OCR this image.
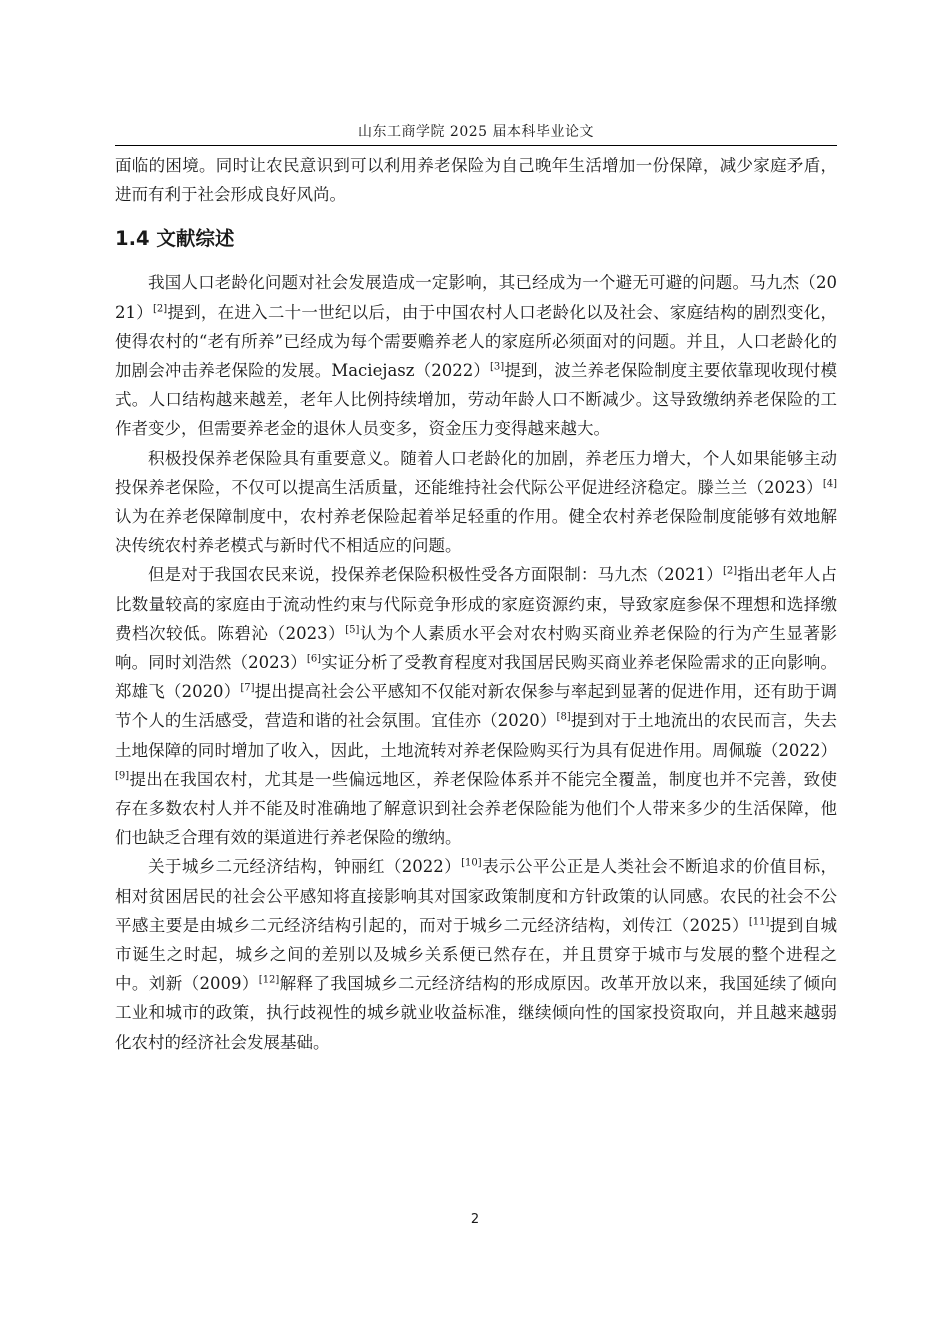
山东工商学院 2025 届本科毕业论文

面临的困境。同时让农民意识到可以利用养老保险为自己晚年生活增加一份保障，减少家庭矛盾，进而有利于社会形成良好风尚。

1.4 文献综述

我国人口老龄化问题对社会发展造成一定影响，其已经成为一个避无可避的问题。马九杰（2021）[2]提到，在进入二十一世纪以后，由于中国农村人口老龄化以及社会、家庭结构的剧烈变化，使得农村的“老有所养”已经成为每个需要赡养老人的家庭所必须面对的问题。并且，人口老龄化的加剧会冲击养老保险的发展。Maciejasz（2022）[3]提到，波兰养老保险制度主要依靠现收现付模式。人口结构越来越差，老年人比例持续增加，劳动年龄人口不断减少。这导致缴纳养老保险的工作者变少，但需要养老金的退休人员变多，资金压力变得越来越大。

积极投保养老保险具有重要意义。随着人口老龄化的加剧，养老压力增大，个人如果能够主动投保养老保险，不仅可以提高生活质量，还能维持社会代际公平促进经济稳定。滕兰兰（2023）[4]认为在养老保障制度中，农村养老保险起着举足轻重的作用。健全农村养老保险制度能够有效地解决传统农村养老模式与新时代不相适应的问题。

但是对于我国农民来说，投保养老保险积极性受各方面限制：马九杰（2021）[2]指出老年人占比数量较高的家庭由于流动性约束与代际竞争形成的家庭资源约束，导致家庭参保不理想和选择缴费档次较低。陈碧沁（2023）[5]认为个人素质水平会对农村购买商业养老保险的行为产生显著影响。同时刘浩然（2023）[6]实证分析了受教育程度对我国居民购买商业养老保险需求的正向影响。郑雄飞（2020）[7]提出提高社会公平感知不仅能对新农保参与率起到显著的促进作用，还有助于调节个人的生活感受，营造和谐的社会氛围。宜佳亦（2020）[8]提到对于土地流出的农民而言，失去土地保障的同时增加了收入，因此，土地流转对养老保险购买行为具有促进作用。周佩璇（2022）[9]提出在我国农村，尤其是一些偏远地区，养老保险体系并不能完全覆盖，制度也并不完善，致使存在多数农村人并不能及时准确地了解意识到社会养老保险能为他们个人带来多少的生活保障，他们也缺乏合理有效的渠道进行养老保险的缴纳。

关于城乡二元经济结构，钟丽红（2022）[10]表示公平公正是人类社会不断追求的价值目标，相对贫困居民的社会公平感知将直接影响其对国家政策制度和方针政策的认同感。农民的社会不公平感主要是由城乡二元经济结构引起的，而对于城乡二元经济结构，刘传江（2025）[11]提到自城市诞生之时起，城乡之间的差别以及城乡关系便已然存在，并且贯穿于城市与发展的整个进程之中。刘新（2009）[12]解释了我国城乡二元经济结构的形成原因。改革开放以来，我国延续了倾向工业和城市的政策，执行歧视性的城乡就业收益标准，继续倾向性的国家投资取向，并且越来越弱化农村的经济社会发展基础。

2
